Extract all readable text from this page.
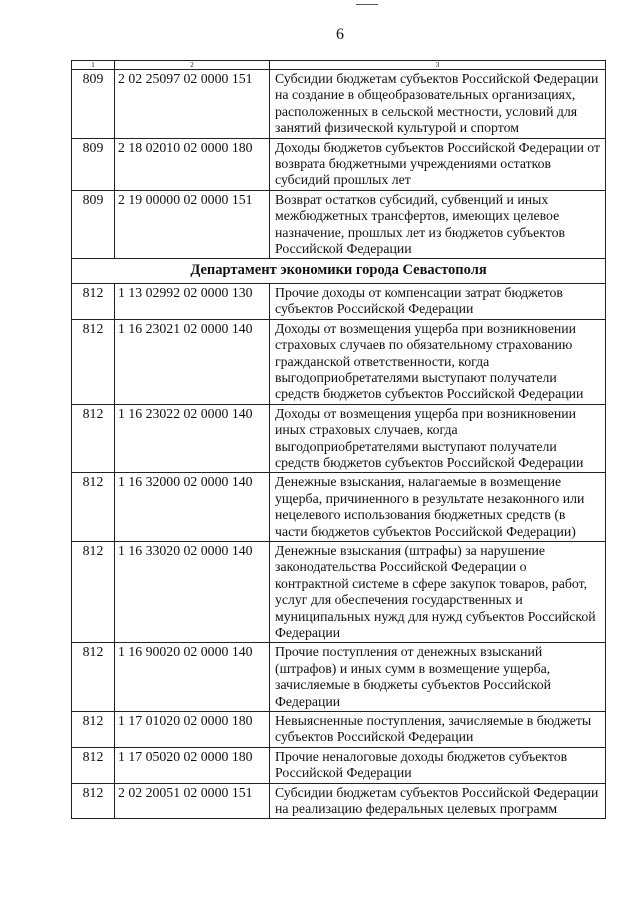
6
1	2	3
809	2 02 25097 02 0000 151	Субсидии бюджетам субъектов Российской Федерации на создание в общеобразовательных организациях, расположенных в сельской местности, условий для занятий физической культурой и спортом
809	2 18 02010 02 0000 180	Доходы бюджетов субъектов Российской Федерации от возврата бюджетными учреждениями остатков субсидий прошлых лет
809	2 19 00000 02 0000 151	Возврат остатков субсидий, субвенций и иных межбюджетных трансфертов, имеющих целевое назначение, прошлых лет из бюджетов субъектов Российской Федерации
Департамент экономики города Севастополя		
812	1 13 02992 02 0000 130	Прочие доходы от компенсации затрат бюджетов субъектов Российской Федерации
812	1 16 23021 02 0000 140	Доходы от возмещения ущерба при возникновении страховых случаев по обязательному страхованию гражданской ответственности, когда выгодоприобретателями выступают получатели средств бюджетов субъектов Российской Федерации
812	1 16 23022 02 0000 140	Доходы от возмещения ущерба при возникновении иных страховых случаев, когда выгодоприобретателями выступают получатели средств бюджетов субъектов Российской Федерации
812	1 16 32000 02 0000 140	Денежные взыскания, налагаемые в возмещение ущерба, причиненного в результате незаконного или нецелевого использования бюджетных средств (в части бюджетов субъектов Российской Федерации)
812	1 16 33020 02 0000 140	Денежные взыскания (штрафы) за нарушение законодательства Российской Федерации о контрактной системе в сфере закупок товаров, работ, услуг для обеспечения государственных и муниципальных нужд для нужд субъектов Российской Федерации
812	1 16 90020 02 0000 140	Прочие поступления от денежных взысканий (штрафов) и иных сумм в возмещение ущерба, зачисляемые в бюджеты субъектов Российской Федерации
812	1 17 01020 02 0000 180	Невыясненные поступления, зачисляемые в бюджеты субъектов Российской Федерации
812	1 17 05020 02 0000 180	Прочие неналоговые доходы бюджетов субъектов Российской Федерации
812	2 02 20051 02 0000 151	Субсидии бюджетам субъектов Российской Федерации на реализацию федеральных целевых программ
